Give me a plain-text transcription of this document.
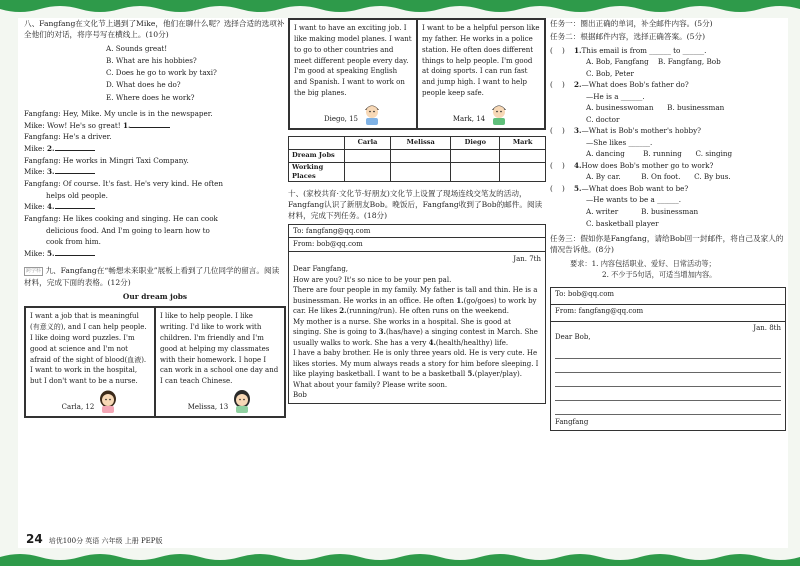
八、Fangfang在文化节上遇到了Mike，他们在聊什么呢？选择合适的选项补全他们的对话，将序号写在横线上。(10分)
A. Sounds great!
B. What are his hobbies?
C. Does he go to work by taxi?
D. What does he do?
E. Where does he work?
Fangfang: Hey, Mike. My uncle is in the newspaper.
Mike: Wow! He's so great! 1.
Fangfang: He's a driver.
Mike: 2.
Fangfang: He works in Mingri Taxi Company.
Mike: 3.
Fangfang: Of course. It's fast. He's very kind. He often
helps old people.
Mike: 4.
Fangfang: He likes cooking and singing. He can cook
delicious food. And I'm going to learn how to
cook from him.
Mike: 5.
跨学科 九、Fangfang在“畅想未来职业”展板上看到了几位同学的留言。阅读材料，完成下面的表格。(12分)
Our dream jobs
I want a job that is meaningful (有意义的), and I can help people. I like doing word puzzles. I'm good at science and I'm not afraid of the sight of blood(血液). I want to work in the hospital, but I don't want to be a nurse.
Carla, 12
I like to help people. I like writing. I'd like to work with children. I'm friendly and I'm good at helping my classmates with their homework. I hope I can work in a school one day and I can teach Chinese.
Melissa, 13
I want to have an exciting job. I like making model planes. I want to go to other countries and meet different people every day. I'm good at speaking English and Spanish. I want to work on the big planes.
Diego, 15
I want to be a helpful person like my father. He works in a police station. He often does different things to help people. I'm good at doing sports. I can run fast and jump high. I want to help people keep safe.
Mark, 14
	Carla	Melissa	Diego	Mark
Dream Jobs				
Working Places				
十、(家校共育·文化节·好朋友)文化节上设置了现场连线交笔友的活动，Fangfang认识了新朋友Bob。晚饭后，Fangfang收到了Bob的邮件。阅读材料，完成下列任务。(18分)
To: fangfang@qq.com
From: bob@qq.com
Jan. 7th
Dear Fangfang,
How are you? It's so nice to be your pen pal.
There are four people in my family. My father is tall and thin. He is a businessman. He works in an office. He often 1.(go/goes) to work by car. He likes 2.(running/run). He often runs on the weekend.
My mother is a nurse. She works in a hospital. She is good at singing. She is going to 3.(has/have) a singing contest in March. She usually walks to work. She has a very 4.(health/healthy) life.
I have a baby brother. He is only three years old. He is very cute. He likes stories. My mum always reads a story for him before sleeping. I like playing basketball. I want to be a basketball 5.(player/play).
What about your family? Please write soon.
Bob
任务一：圈出正确的单词，补全邮件内容。(5分)
任务二：根据邮件内容，选择正确答案。(5分)
(    ) 1.This email is from ______ to ______.
A. Bob, Fangfang B. Fangfang, Bob
C. Bob, Peter
(    ) 2.—What does Bob's father do?
—He is a ______.
A. businesswoman B. businessman
C. doctor
(    ) 3.—What is Bob's mother's hobby?
—She likes ______.
A. dancing	B. running C. singing
(    ) 4.How does Bob's mother go to work?
A. By car.	B. On foot. C. By bus.
(    ) 5.—What does Bob want to be?
—He wants to be a ______.
A. writer	B. businessman
C. basketball player
任务三：假如你是Fangfang，请给Bob回一封邮件，将自己及家人的情况告诉他。(8分)
要求：1. 内容包括职业、爱好、日常活动等；
2. 不少于5句话，可适当增加内容。
To: bob@qq.com
From: fangfang@qq.com
Jan. 8th
Dear Bob,
Fangfang
24 培优100分 英语 六年级 上册 PEP版
